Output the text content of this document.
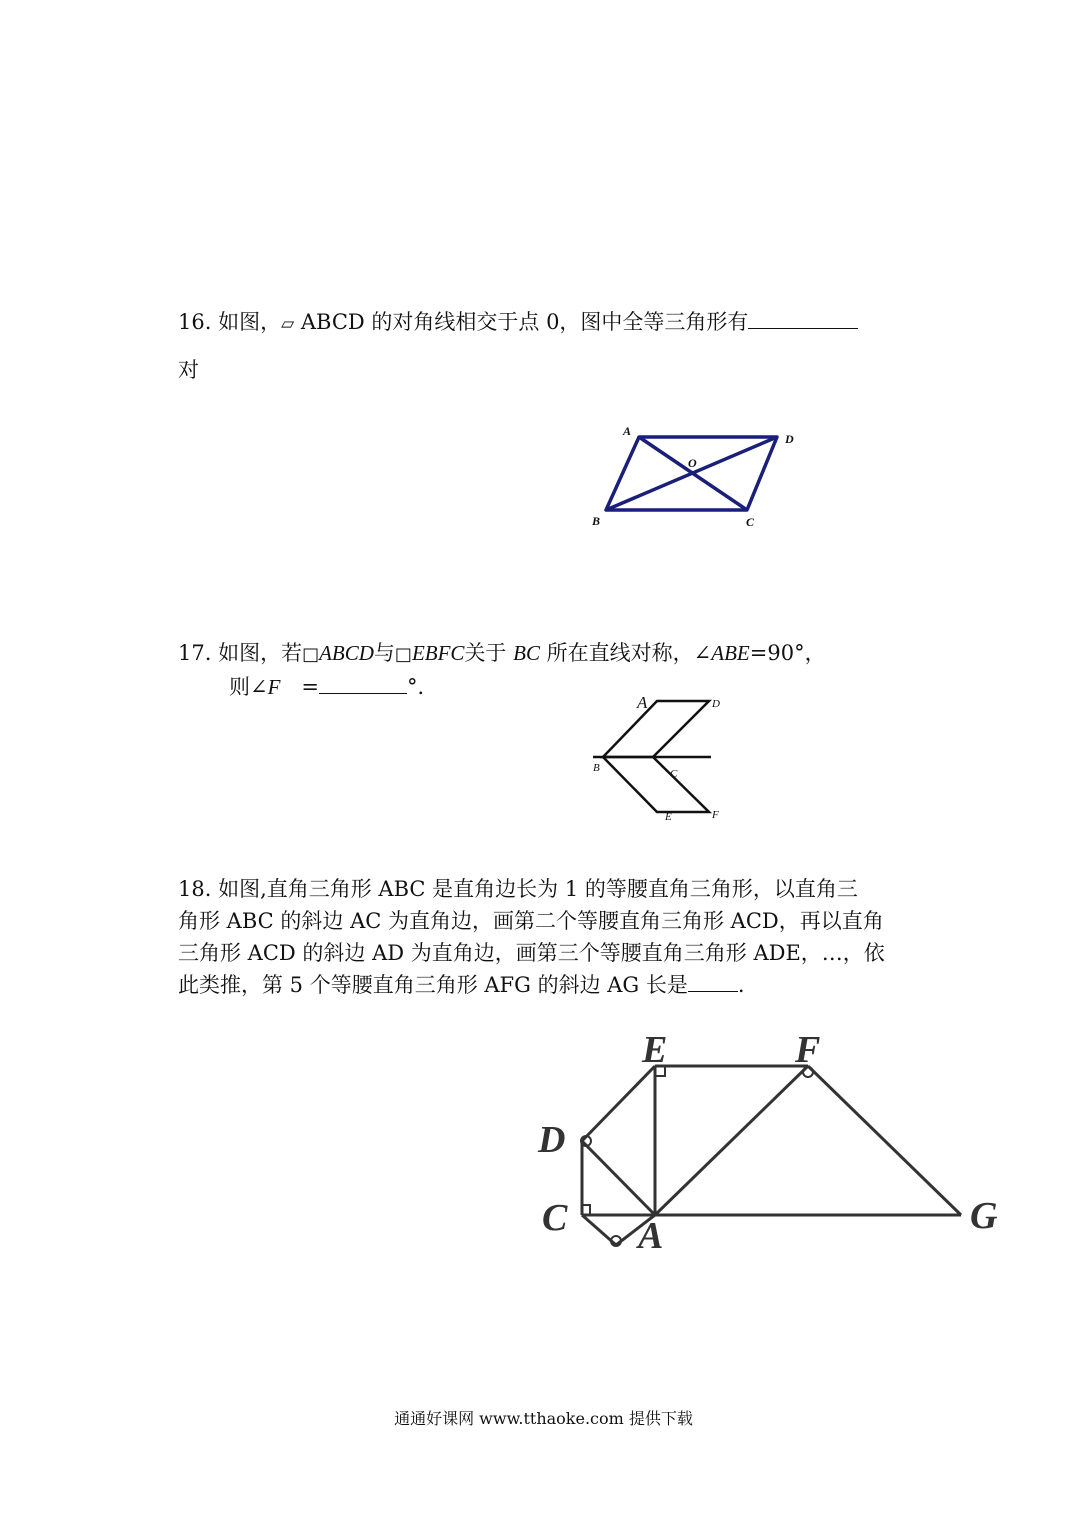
16. 如图，▱ ABCD 的对角线相交于点 0，图中全等三角形有
对
A
D
O
B	C
17. 如图，若□ABCD与□EBFC关于 BC 所在直线对称，∠ABE=90°，
则∠F　=	°．
A	D
B	C
E	F
18. 如图,直角三角形 ABC 是直角边长为 1 的等腰直角三角形，以直角三
角形 ABC 的斜边 AC 为直角边，画第二个等腰直角三角形 ACD，再以直角
三角形 ACD 的斜边 AD 为直角边，画第三个等腰直角三角形 ADE，…，依
此类推，第 5 个等腰直角三角形 AFG 的斜边 AG 长是 .
E	F
D
C A	G
通通好课网 www.tthaoke.com 提供下载
